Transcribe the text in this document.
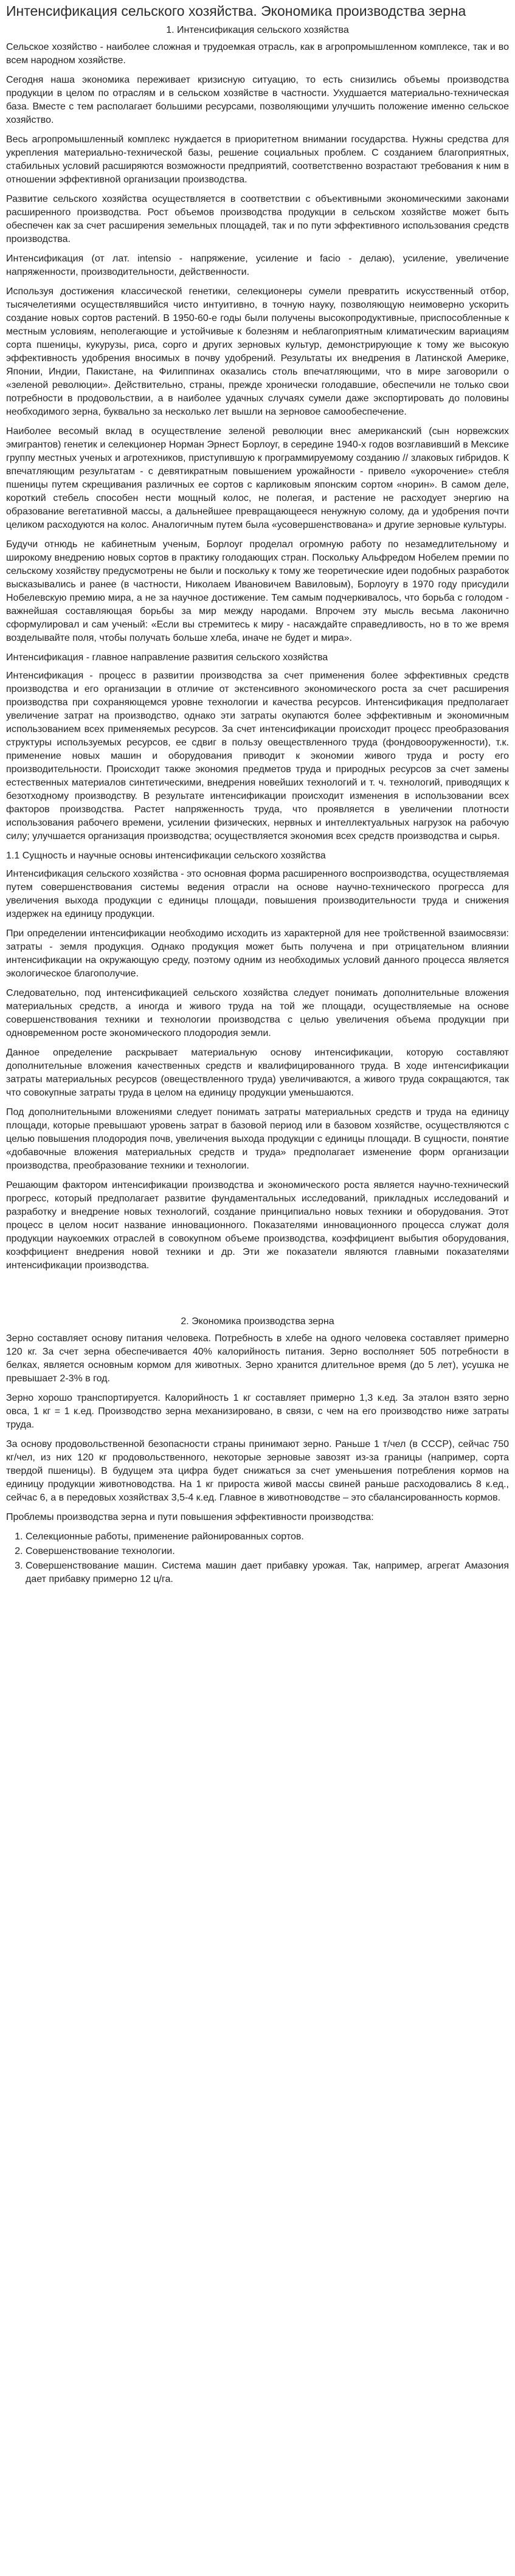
Интенсификация сельского хозяйства. Экономика производства зерна
1. Интенсификация сельского хозяйства

Сельское хозяйство - наиболее сложная и трудоемкая отрасль, как в агропромышленном комплексе, так и во всем народном хозяйстве.

Сегодня наша экономика переживает кризисную ситуацию, то есть снизились объемы производства продукции в целом по отраслям и в сельском хозяйстве в частности. Ухудшается материально-техническая база. Вместе с тем располагает большими ресурсами, позволяющими улучшить положение именно сельское хозяйство.

Весь агропромышленный комплекс нуждается в приоритетном внимании государства. Нужны средства для укрепления материально-технической базы, решение социальных проблем. С созданием благоприятных, стабильных условий расширяются возможности предприятий, соответственно возрастают требования к ним в отношении эффективной организации производства.

Развитие сельского хозяйства осуществляется в соответствии с объективными экономическими законами расширенного производства. Рост объемов производства продукции в сельском хозяйстве может быть обеспечен как за счет расширения земельных площадей, так и по пути эффективного использования средств производства.

Интенсификация (от лат. intensio - напряжение, усиление и facio - делаю), усиление, увеличение напряженности, производительности, действенности.

Используя достижения классической генетики, селекционеры сумели превратить искусственный отбор, тысячелетиями осуществлявшийся чисто интуитивно, в точную науку, позволяющую неимоверно ускорить создание новых сортов растений. В 1950-60-е годы были получены высокопродуктивные, приспособленные к местным условиям, неполегающие и устойчивые к болезням и неблагоприятным климатическим вариациям сорта пшеницы, кукурузы, риса, сорго и других зерновых культур, демонстрирующие к тому же высокую эффективность удобрения вносимых в почву удобрений. Результаты их внедрения в Латинской Америке, Японии, Индии, Пакистане, на Филиппинах оказались столь впечатляющими, что в мире заговорили о «зеленой революции». Действительно, страны, прежде хронически голодавшие, обеспечили не только свои потребности в продовольствии, а в наиболее удачных случаях сумели даже экспортировать до половины необходимого зерна, буквально за несколько лет вышли на зерновое самообеспечение.

Наиболее весомый вклад в осуществление зеленой революции внес американский (сын норвежских эмигрантов) генетик и селекционер Норман Эрнест Борлоуг, в середине 1940-х годов возглавивший в Мексике группу местных ученых и агротехников, приступившую к программируемому созданию // злаковых гибридов. К впечатляющим результатам - с девятикратным повышением урожайности - привело «укорочение» стебля пшеницы путем скрещивания различных ее сортов с карликовым японским сортом «норин». В самом деле, короткий стебель способен нести мощный колос, не полегая, и растение не расходует энергию на образование вегетативной массы, а дальнейшее превращающееся ненужную солому, да и удобрения почти целиком расходуются на колос. Аналогичным путем была «усовершенствована» и другие зерновые культуры.

Будучи отнюдь не кабинетным ученым, Борлоуг проделал огромную работу по незамедлительному и широкому внедрению новых сортов в практику голодающих стран. Поскольку Альфредом Нобелем премии по сельскому хозяйству предусмотрены не были и поскольку к тому же теоретические идеи подобных разработок высказывались и ранее (в частности, Николаем Ивановичем Вавиловым), Борлоугу в 1970 году присудили Нобелевскую премию мира, а не за научное достижение. Тем самым подчеркивалось, что борьба с голодом - важнейшая составляющая борьбы за мир между народами. Впрочем эту мысль весьма лаконично сформулировал и сам ученый: «Если вы стремитесь к миру - насаждайте справедливость, но в то же время возделывайте поля, чтобы получать больше хлеба, иначе не будет и мира».

Интенсификация - главное направление развития сельского хозяйства

Интенсификация - процесс в развитии производства за счет применения более эффективных средств производства и его организации в отличие от экстенсивного экономического роста за счет расширения производства при сохраняющемся уровне технологии и качества ресурсов. Интенсификация предполагает увеличение затрат на производство, однако эти затраты окупаются более эффективным и экономичным использованием всех применяемых ресурсов. За счет интенсификации происходит процесс преобразования структуры используемых ресурсов, ее сдвиг в пользу овеществленного труда (фондовооруженности), т.к. применение новых машин и оборудования приводит к экономии живого труда и росту его производительности. Происходит также экономия предметов труда и природных ресурсов за счет замены естественных материалов синтетическими, внедрения новейших технологий и т. ч. технологий, приводящих к безотходному производству. В результате интенсификации происходит изменения в использовании всех факторов производства. Растет напряженность труда, что проявляется в увеличении плотности использования рабочего времени, усилении физических, нервных и интеллектуальных нагрузок на рабочую силу; улучшается организация производства; осуществляется экономия всех средств производства и сырья.

1.1 Сущность и научные основы интенсификации сельского хозяйства

Интенсификация сельского хозяйства - это основная форма расширенного воспроизводства, осуществляемая путем совершенствования системы ведения отрасли на основе научно-технического прогресса для увеличения выхода продукции с единицы площади, повышения производительности труда и снижения издержек на единицу продукции.

При определении интенсификации необходимо исходить из характерной для нее тройственной взаимосвязи: затраты - земля продукция. Однако продукция может быть получена и при отрицательном влиянии интенсификации на окружающую среду, поэтому одним из необходимых условий данного процесса является экологическое благополучие.

Следовательно, под интенсификацией сельского хозяйства следует понимать дополнительные вложения материальных средств, а иногда и живого труда на той же площади, осуществляемые на основе совершенствования техники и технологии производства с целью увеличения объема продукции при одновременном росте экономического плодородия земли.

Данное определение раскрывает материальную основу интенсификации, которую составляют дополнительные вложения качественных средств и квалифицированного труда. В ходе интенсификации затраты материальных ресурсов (овеществленного труда) увеличиваются, а живого труда сокращаются, так что совокупные затраты труда в целом на единицу продукции уменьшаются.

Под дополнительными вложениями следует понимать затраты материальных средств и труда на единицу площади, которые превышают уровень затрат в базовой период или в базовом хозяйстве, осуществляются с целью повышения плодородия почв, увеличения выхода продукции с единицы площади. В сущности, понятие «добавочные вложения материальных средств и труда» предполагает изменение форм организации производства, преобразование техники и технологии.

Решающим фактором интенсификации производства и экономического роста является научно-технический прогресс, который предполагает развитие фундаментальных исследований, прикладных исследований и разработку и внедрение новых технологий, создание принципиально новых техники и оборудования. Этот процесс в целом носит название инновационного. Показателями инновационного процесса служат доля продукции наукоемких отраслей в совокупном объеме производства, коэффициент выбытия оборудования, коэффициент внедрения новой техники и др. Эти же показатели являются главными показателями интенсификации производства.

2. Экономика производства зерна

Зерно составляет основу питания человека. Потребность в хлебе на одного человека составляет примерно 120 кг. За счет зерна обеспечивается 40% калорийность питания. Зерно восполняет 505 потребности в белках, является основным кормом для животных. Зерно хранится длительное время (до 5 лет), усушка не превышает 2-3% в год.

Зерно хорошо транспортируется. Калорийность 1 кг составляет примерно 1,3 к.ед. За эталон взято зерно овса, 1 кг = 1 к.ед. Производство зерна механизировано, в связи, с чем на его производство ниже затраты труда.

За основу продовольственной безопасности страны принимают зерно. Раньше 1 т/чел (в СССР), сейчас 750 кг/чел, из них 120 кг продовольственного, некоторые зерновые завозят из-за границы (например, сорта твердой пшеницы). В будущем эта цифра будет снижаться за счет уменьшения потребления кормов на единицу продукции животноводства. На 1 кг прироста живой массы свиней раньше расходовались 8 к.ед., сейчас 6, а в передовых хозяйствах 3,5-4 к.ед. Главное в животноводстве – это сбалансированность кормов.

Проблемы производства зерна и пути повышения эффективности производства:

1. Селекционные работы, применение районированных сортов.
2. Совершенствование технологии.
3. Совершенствование машин. Система машин дает прибавку урожая. Так, например, агрегат Амазония дает прибавку примерно 12 ц/га.
